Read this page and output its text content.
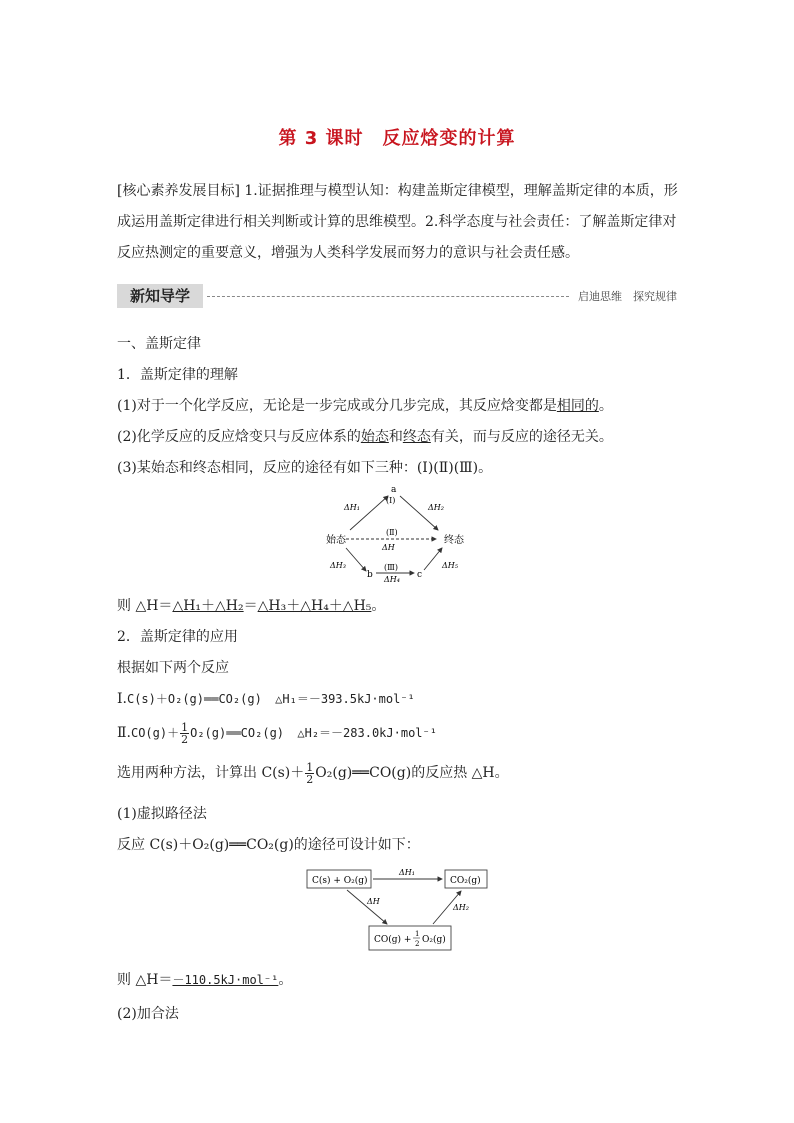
第 3 课时　反应焓变的计算
[核心素养发展目标] 1.证据推理与模型认知：构建盖斯定律模型，理解盖斯定律的本质，形成运用盖斯定律进行相关判断或计算的思维模型。2.科学态度与社会责任：了解盖斯定律对反应热测定的重要意义，增强为人类科学发展而努力的意识与社会责任感。
新知导学	启迪思维　探究规律
一、盖斯定律
1．盖斯定律的理解
(1)对于一个化学反应，无论是一步完成或分几步完成，其反应焓变都是相同的。
(2)化学反应的反应焓变只与反应体系的始态和终态有关，而与反应的途径无关。
(3)某始态和终态相同，反应的途径有如下三种：(Ⅰ)(Ⅱ)(Ⅲ)。
始态	终态
a
b	c
(Ⅰ)
(Ⅱ)
(Ⅲ)
ΔH₁	ΔH₂
ΔH
ΔH₃
ΔH₄
ΔH₅
则 △H＝△H₁＋△H₂＝△H₃＋△H₄＋△H₅。
2．盖斯定律的应用
根据如下两个反应
Ⅰ.C(s)＋O₂(g)══CO₂(g) △H₁＝－393.5kJ·mol⁻¹
Ⅱ.CO(g)＋ $\frac{1}{2}$ O₂(g)══CO₂(g) △H₂＝－283.0kJ·mol⁻¹
选用两种方法，计算出 $C(s)+ \frac{1}{2}$ O₂(g)══CO(g)的反应热 △H。
(1)虚拟路径法
反应 C(s)＋O₂(g)══CO₂(g)的途径可设计如下：
C(s) + O₂(g)	CO₂(g)
CO(g) +
1
2 O₂(g)
ΔH₁
ΔH
ΔH₂
则 △H＝－110.5kJ·mol⁻¹。
(2)加合法
